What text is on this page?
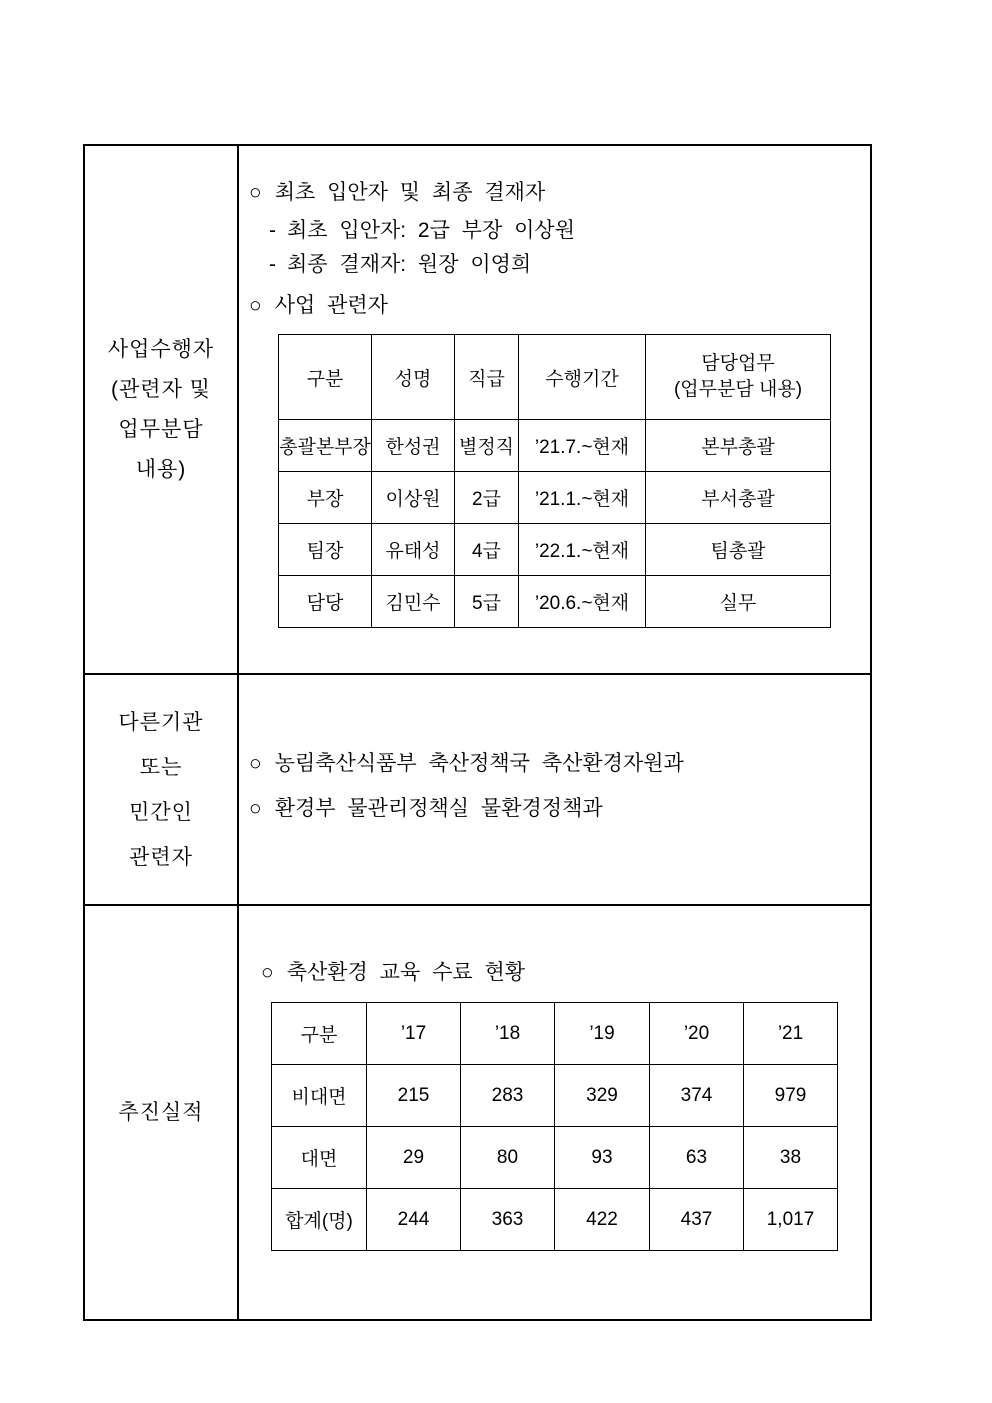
사업수행자
(관련자 및
업무분담
내용)
○ 최초 입안자 및 최종 결재자
- 최초 입안자: 2급 부장 이상원
- 최종 결재자: 원장 이영희
○ 사업 관련자
구분	성명	직급	수행기간	담당업무
(업무분담 내용)

총괄본부장	한성권	별정직	’21.7.~현재	본부총괄
부장	이상원	2급	’21.1.~현재	부서총괄
팀장	유태성	4급	’22.1.~현재	팀총괄
담당	김민수	5급	’20.6.~현재	실무
다른기관
또는
민간인
관련자
○ 농림축산식품부 축산정책국 축산환경자원과
○ 환경부 물관리정책실 물환경정책과
추진실적
○ 축산환경 교육 수료 현황
구분	’17	’18	’19	’20	’21
비대면	215	283	329	374	979
대면	29	80	93	63	38
합계(명)	244	363	422	437	1,017
